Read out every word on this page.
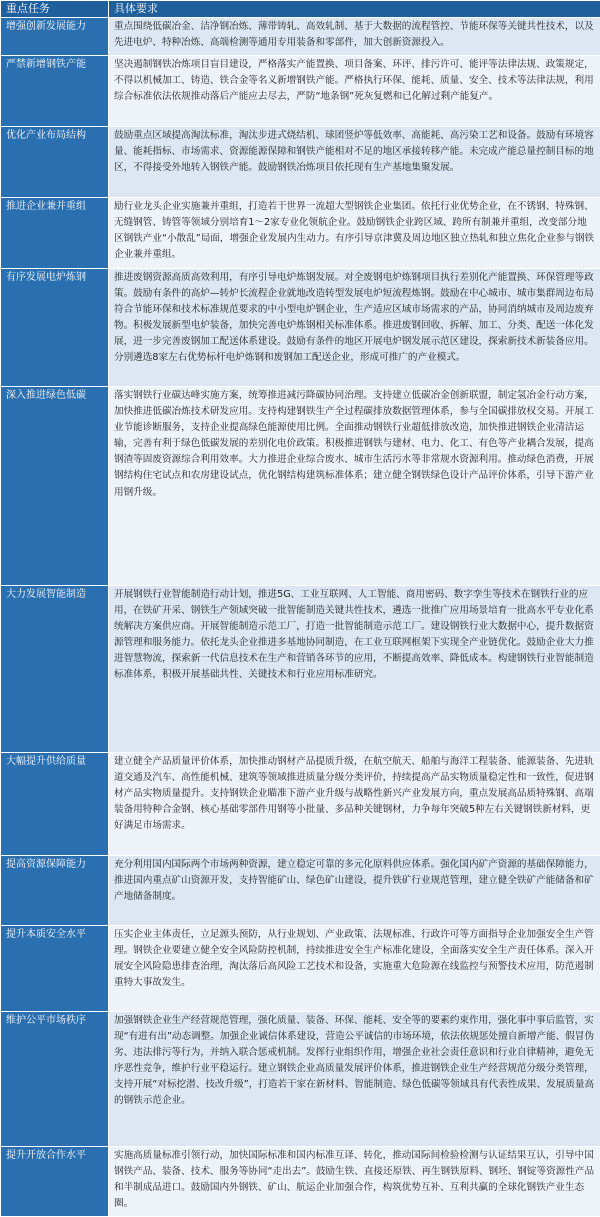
重点任务	具体要求
增强创新发展能力	重点围绕低碳冶金、洁净钢冶炼、薄带铸轧、高效轧制、基于大数据的流程管控、节能环保等关键共性技术，以及先进电炉、特种冶炼、高端检测等通用专用装备和零部件，加大创新资源投入。
严禁新增钢铁产能	坚决遏制钢铁冶炼项目盲目建设，严格落实产能置换、项目备案、环评、排污许可、能评等法律法规、政策规定，不得以机械加工、铸造、铁合金等名义新增钢铁产能。严格执行环保、能耗、质量、安全、技术等法律法规，利用综合标准依法依规推动落后产能应去尽去，严防“地条钢”死灰复燃和已化解过剩产能复产。
优化产业布局结构	鼓励重点区域提高淘汰标准，淘汰步进式烧结机、球团竖炉等低效率、高能耗、高污染工艺和设备。鼓励有环境容量、能耗指标、市场需求、资源能源保障和钢铁产能相对不足的地区承接转移产能。未完成产能总量控制目标的地区，不得接受外地转入钢铁产能。鼓励钢铁冶炼项目依托现有生产基地集聚发展。
推进企业兼并重组	励行业龙头企业实施兼并重组，打造若干世界一流超大型钢铁企业集团。依托行业优势企业，在不锈钢、特殊钢、无缝钢管、铸管等领域分别培育1～2家专业化领航企业。鼓励钢铁企业跨区域、跨所有制兼并重组，改变部分地区钢铁产业“小散乱”局面，增强企业发展内生动力。有序引导京津冀及周边地区独立热轧和独立焦化企业参与钢铁企业兼并重组。
有序发展电炉炼钢	推进废钢资源高质高效利用，有序引导电炉炼钢发展。对全废钢电炉炼钢项目执行差别化产能置换、环保管理等政策。鼓励有条件的高炉—转炉长流程企业就地改造转型发展电炉短流程炼钢。鼓励在中心城市、城市集群周边布局符合节能环保和技术标准规范要求的中小型电炉钢企业，生产适应区域市场需求的产品，协同消纳城市及周边废弃物。积极发展新型电炉装备，加快完善电炉炼钢相关标准体系。推进废钢回收、拆解、加工、分类、配送一体化发展，进一步完善废钢加工配送体系建设。鼓励有条件的地区开展电炉钢发展示范区建设，探索新技术新装备应用。分别遴选8家左右优势标杆电炉炼钢和废钢加工配送企业，形成可推广的产业模式。
深入推进绿色低碳	落实钢铁行业碳达峰实施方案，统筹推进减污降碳协同治理。支持建立低碳冶金创新联盟，制定氢冶金行动方案，加快推进低碳冶炼技术研发应用。支持构建钢铁生产全过程碳排放数据管理体系，参与全国碳排放权交易。开展工业节能诊断服务，支持企业提高绿色能源使用比例。全面推动钢铁行业超低排放改造，加快推进钢铁企业清洁运输，完善有利于绿色低碳发展的差别化电价政策。积极推进钢铁与建材、电力、化工、有色等产业耦合发展，提高钢渣等固废资源综合利用效率。大力推进企业综合废水、城市生活污水等非常规水资源利用。推动绿色消费，开展钢结构住宅试点和农房建设试点，优化钢结构建筑标准体系；建立健全钢铁绿色设计产品评价体系，引导下游产业用钢升级。
大力发展智能制造	开展钢铁行业智能制造行动计划，推进5G、工业互联网、人工智能、商用密码、数字孪生等技术在钢铁行业的应用，在铁矿开采、钢铁生产领域突破一批智能制造关键共性技术，遴选一批推广应用场景培育一批高水平专业化系统解决方案供应商。开展智能制造示范工厂，打造一批智能制造示范工厂。建设钢铁行业大数据中心，提升数据资源管理和服务能力。依托龙头企业推进多基地协同制造，在工业互联网框架下实现全产业链优化。鼓励企业大力推进智慧物流，探索新一代信息技术在生产和营销各环节的应用，不断提高效率、降低成本。构建钢铁行业智能制造标准体系，积极开展基础共性、关键技术和行业应用标准研究。
大幅提升供给质量	建立健全产品质量评价体系，加快推动钢材产品提质升级，在航空航天、船舶与海洋工程装备、能源装备、先进轨道交通及汽车、高性能机械、建筑等领域推进质量分级分类评价，持续提高产品实物质量稳定性和一致性，促进钢材产品实物质量提升。支持钢铁企业瞄准下游产业升级与战略性新兴产业发展方向，重点发展高品质特殊钢、高端装备用特种合金钢、核心基础零部件用钢等小批量、多品种关键钢材，力争每年突破5种左右关键钢铁新材料，更好满足市场需求。
提高资源保障能力	充分利用国内国际两个市场两种资源，建立稳定可靠的多元化原料供应体系。强化国内矿产资源的基础保障能力，推进国内重点矿山资源开发，支持智能矿山、绿色矿山建设，提升铁矿行业规范管理，建立健全铁矿产能储备和矿产地储备制度。
提升本质安全水平	压实企业主体责任，立足源头预防，从行业规划、产业政策、法规标准、行政许可等方面指导企业加强安全生产管理。钢铁企业要建立健全安全风险防控机制，持续推进安全生产标准化建设，全面落实安全生产责任体系。深入开展安全风险隐患排查治理，淘汰落后高风险工艺技术和设备，实施重大危险源在线监控与预警技术应用，防范遏制重特大事故发生。
维护公平市场秩序	加强钢铁企业生产经营规范管理，强化质量、装备、环保、能耗、安全等的要素约束作用，强化事中事后监管，实现“有进有出”动态调整。加强企业诚信体系建设，营造公平诚信的市场环境，依法依规惩处擅自新增产能、假冒伪劣、违法排污等行为，并纳入联合惩戒机制。发挥行业组织作用，增强企业社会责任意识和行业自律精神，避免无序恶性竞争，维护行业平稳运行。建立钢铁企业高质量发展评价体系，推进钢铁企业生产经营规范分级分类管理，支持开展“对标挖潜、技改升级”，打造若干家在新材料、智能制造、绿色低碳等领域具有代表性成果、发展质量高的钢铁示范企业。
提升开放合作水平	实施高质量标准引领行动，加快国际标准和国内标准互译、转化，推动国际间检验检测与认证结果互认，引导中国钢铁产品、装备、技术、服务等协同“走出去”。鼓励生铁、直接还原铁、再生钢铁原料、钢坯、钢锭等资源性产品和半制成品进口。鼓励国内外钢铁、矿山、航运企业加强合作，构筑优势互补、互利共赢的全球化钢铁产业生态圈。
